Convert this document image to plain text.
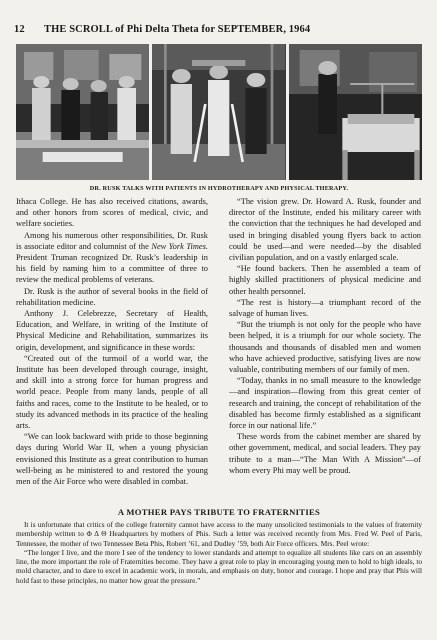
12 THE SCROLL of Phi Delta Theta for SEPTEMBER, 1964
DR. RUSK TALKS WITH PATIENTS IN HYDROTHERAPY AND PHYSICAL THERAPY.

Ithaca College. He has also received citations, awards, and other honors from scores of medical, civic, and welfare societies.

Among his numerous other responsibilities, Dr. Rusk is associate editor and columnist of the New York Times. President Truman recognized Dr. Rusk’s leadership in his field by naming him to a committee of three to review the medical problems of veterans.

Dr. Rusk is the author of several books in the field of rehabilitation medicine.

Anthony J. Celebrezze, Secretary of Health, Education, and Welfare, in writing of the Institute of Physical Medicine and Rehabilitation, summarizes its origin, development, and significance in these words:

“Created out of the turmoil of a world war, the Institute has been developed through courage, insight, and skill into a strong force for human progress and world peace. People from many lands, people of all faiths and races, come to the Institute to be healed, or to study its advanced methods in its practice of the healing arts.

“We can look backward with pride to those beginning days during World War II, when a young physician envisioned this Institute as a great contribution to human well-being as he ministered to and restored the young men of the Air Force who were disabled in combat.

“The vision grew. Dr. Howard A. Rusk, founder and director of the Institute, ended his military career with the conviction that the techniques he had developed and used in bringing disabled young flyers back to action could be used—and were needed—by the disabled civilian population, and on a vastly enlarged scale.

“He found backers. Then he assembled a team of highly skilled practitioners of physical medicine and other health personnel.

“The rest is history—a triumphant record of the salvage of human lives.

“But the triumph is not only for the people who have been helped, it is a triumph for our whole society. The thousands and thousands of disabled men and women who have achieved productive, satisfying lives are now valuable, contributing members of our family of men.

“Today, thanks in no small measure to the knowledge—and inspiration—flowing from this great center of research and training, the concept of rehabilitation of the disabled has become firmly established as a significant force in our national life.”

These words from the cabinet member are shared by other government, medical, and social leaders. They pay tribute to a man—“The Man With A Mission”—of whom every Phi may well be proud.

A MOTHER PAYS TRIBUTE TO FRATERNITIES

It is unfortunate that critics of the college fraternity cannot have access to the many unsolicited testimonials to the values of fraternity membership written to Φ Δ Θ Headquarters by mothers of Phis. Such a letter was received recently from Mrs. Fred W. Peel of Paris, Tennessee, the mother of two Tennessee Beta Phis, Robert ’61, and Dudley ’59, both Air Force officers. Mrs. Peel wrote:

“The longer I live, and the more I see of the tendency to lower standards and attempt to equalize all students like cars on an assembly line, the more important the role of Fraternities become. They have a great role to play in encouraging young men to hold to high ideals, to mold character, and to dare to excel in academic work, in morals, and emphasis on duty, honor and courage. I hope and pray that Phis will hold fast to these principles, no matter how great the pressure.”
